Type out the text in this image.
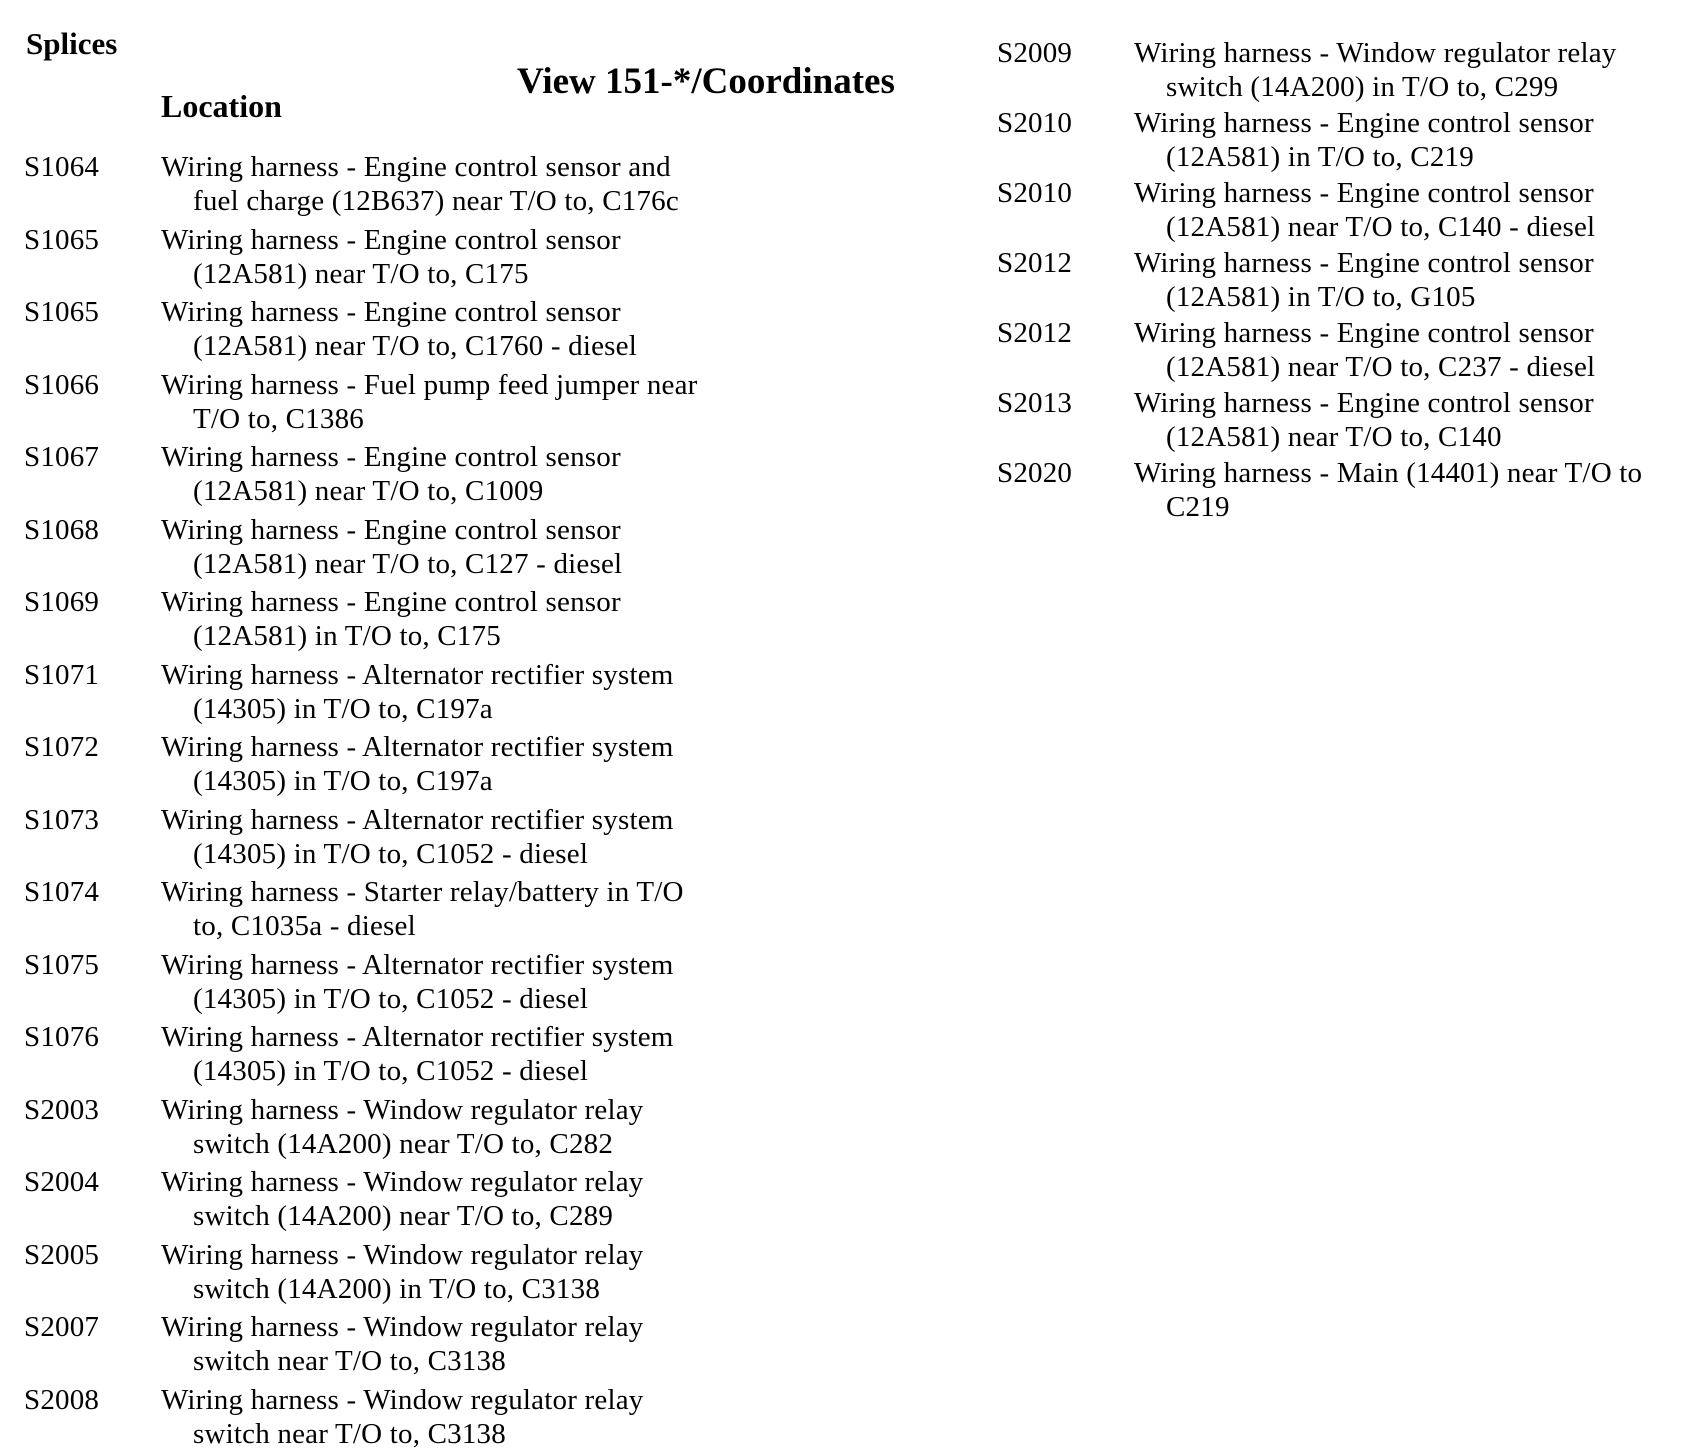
Splices
Location
View 151-*/Coordinates
S1064 Wiring harness - Engine control sensor and
fuel charge (12B637) near T/O to, C176c
S1065 Wiring harness - Engine control sensor
(12A581) near T/O to, C175
S1065 Wiring harness - Engine control sensor
(12A581) near T/O to, C1760 - diesel
S1066 Wiring harness - Fuel pump feed jumper near
T/O to, C1386
S1067 Wiring harness - Engine control sensor
(12A581) near T/O to, C1009
S1068 Wiring harness - Engine control sensor
(12A581) near T/O to, C127 - diesel
S1069 Wiring harness - Engine control sensor
(12A581) in T/O to, C175
S1071 Wiring harness - Alternator rectifier system
(14305) in T/O to, C197a
S1072 Wiring harness - Alternator rectifier system
(14305) in T/O to, C197a
S1073 Wiring harness - Alternator rectifier system
(14305) in T/O to, C1052 - diesel
S1074 Wiring harness - Starter relay/battery in T/O
to, C1035a - diesel
S1075 Wiring harness - Alternator rectifier system
(14305) in T/O to, C1052 - diesel
S1076 Wiring harness - Alternator rectifier system
(14305) in T/O to, C1052 - diesel
S2003 Wiring harness - Window regulator relay
switch (14A200) near T/O to, C282
S2004 Wiring harness - Window regulator relay
switch (14A200) near T/O to, C289
S2005 Wiring harness - Window regulator relay
switch (14A200) in T/O to, C3138
S2007 Wiring harness - Window regulator relay
switch near T/O to, C3138
S2008 Wiring harness - Window regulator relay
switch near T/O to, C3138
S2009 Wiring harness - Window regulator relay
switch (14A200) in T/O to, C299
S2010 Wiring harness - Engine control sensor
(12A581) in T/O to, C219
S2010 Wiring harness - Engine control sensor
(12A581) near T/O to, C140 - diesel
S2012 Wiring harness - Engine control sensor
(12A581) in T/O to, G105
S2012 Wiring harness - Engine control sensor
(12A581) near T/O to, C237 - diesel
S2013 Wiring harness - Engine control sensor
(12A581) near T/O to, C140
S2020 Wiring harness - Main (14401) near T/O to
C219
